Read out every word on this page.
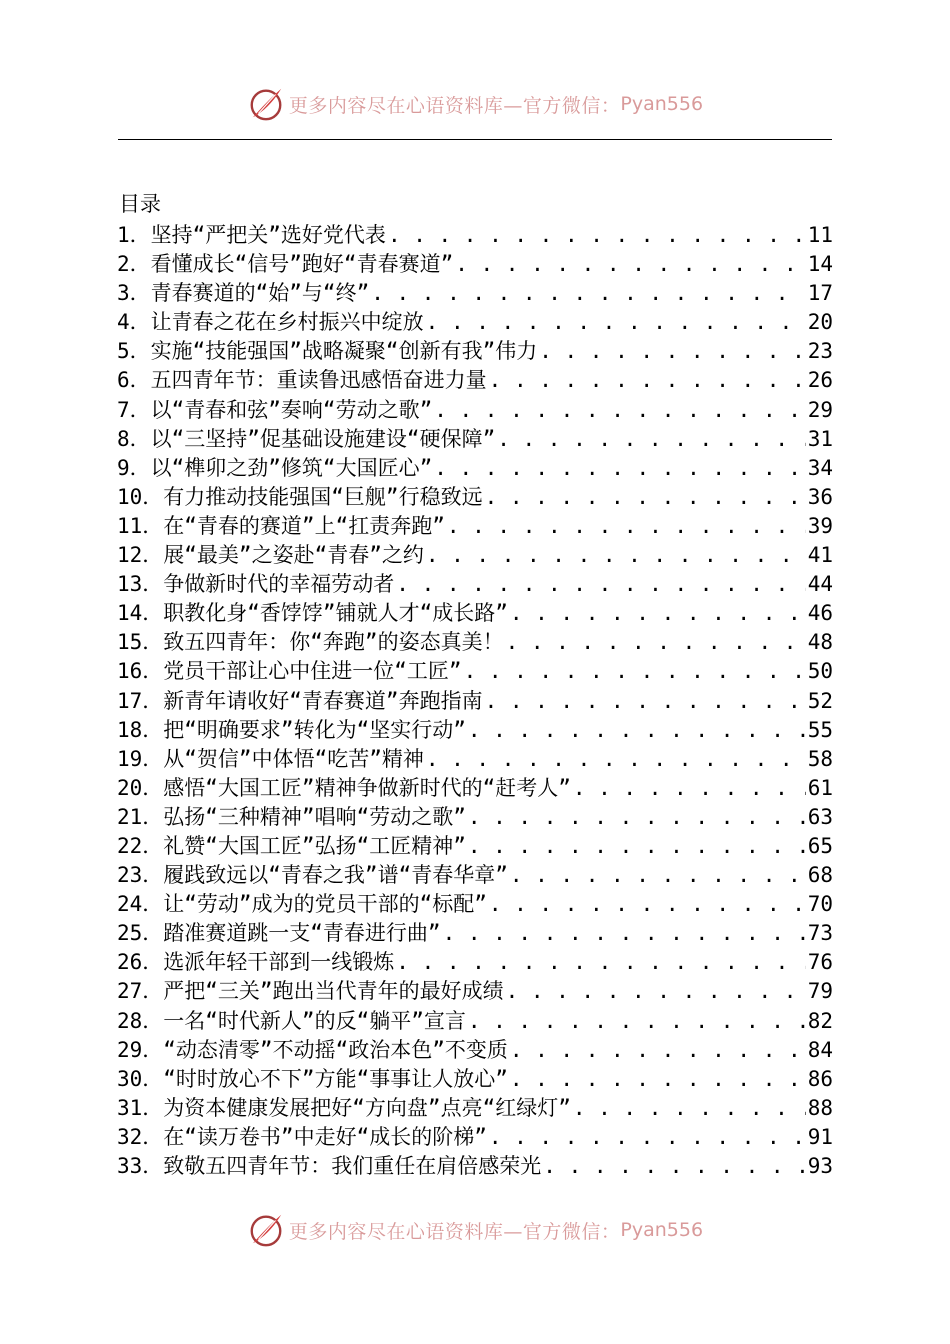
更多内容尽在心语资料库—官方微信： Pyan556
目录
1．坚持“严把关”选好党代表 . . .	11
2．看懂成长“信号”跑好“青春赛道” . . .	14
3．青春赛道的“始”与“终” . . .	17
4．让青春之花在乡村振兴中绽放 . . .	20
5．实施“技能强国”战略凝聚“创新有我”伟力 . . .	23
6．五四青年节：重读鲁迅感悟奋进力量 . . .	26
7．以“青春和弦”奏响“劳动之歌” . . .	29
8．以“三坚持”促基础设施建设“硬保障” . . .	31
9．以“榫卯之劲”修筑“大国匠心” . . .	34
10．有力推动技能强国“巨舰”行稳致远 . . .	36
11．在“青春的赛道”上“扛责奔跑” . . .	39
12．展“最美”之姿赴“青春”之约 . . .	41
13．争做新时代的幸福劳动者 . . .	44
14．职教化身“香饽饽”铺就人才“成长路” . . .	46
15．致五四青年：你“奔跑”的姿态真美！ . . .	48
16．党员干部让心中住进一位“工匠” . . .	50
17．新青年请收好“青春赛道”奔跑指南 . . .	52
18．把“明确要求”转化为“坚实行动” . . .	55
19．从“贺信”中体悟“吃苦”精神 . . .	58
20．感悟“大国工匠”精神争做新时代的“赶考人” . . .	61
21．弘扬“三种精神”唱响“劳动之歌” . . .	63
22．礼赞“大国工匠”弘扬“工匠精神” . . .	65
23．履践致远以“青春之我”谱“青春华章” . . .	68
24．让“劳动”成为的党员干部的“标配” . . .	70
25．踏准赛道跳一支“青春进行曲” . . .	73
26．选派年轻干部到一线锻炼 . . .	76
27．严把“三关”跑出当代青年的最好成绩 . . .	79
28．一名“时代新人”的反“躺平”宣言 . . .	82
29．“动态清零”不动摇“政治本色”不变质 . . .	84
30．“时时放心不下”方能“事事让人放心” . . .	86
31．为资本健康发展把好“方向盘”点亮“红绿灯” . . .	88
32．在“读万卷书”中走好“成长的阶梯” . . .	91
33．致敬五四青年节：我们重任在肩倍感荣光 . . .	93
更多内容尽在心语资料库—官方微信： Pyan556
